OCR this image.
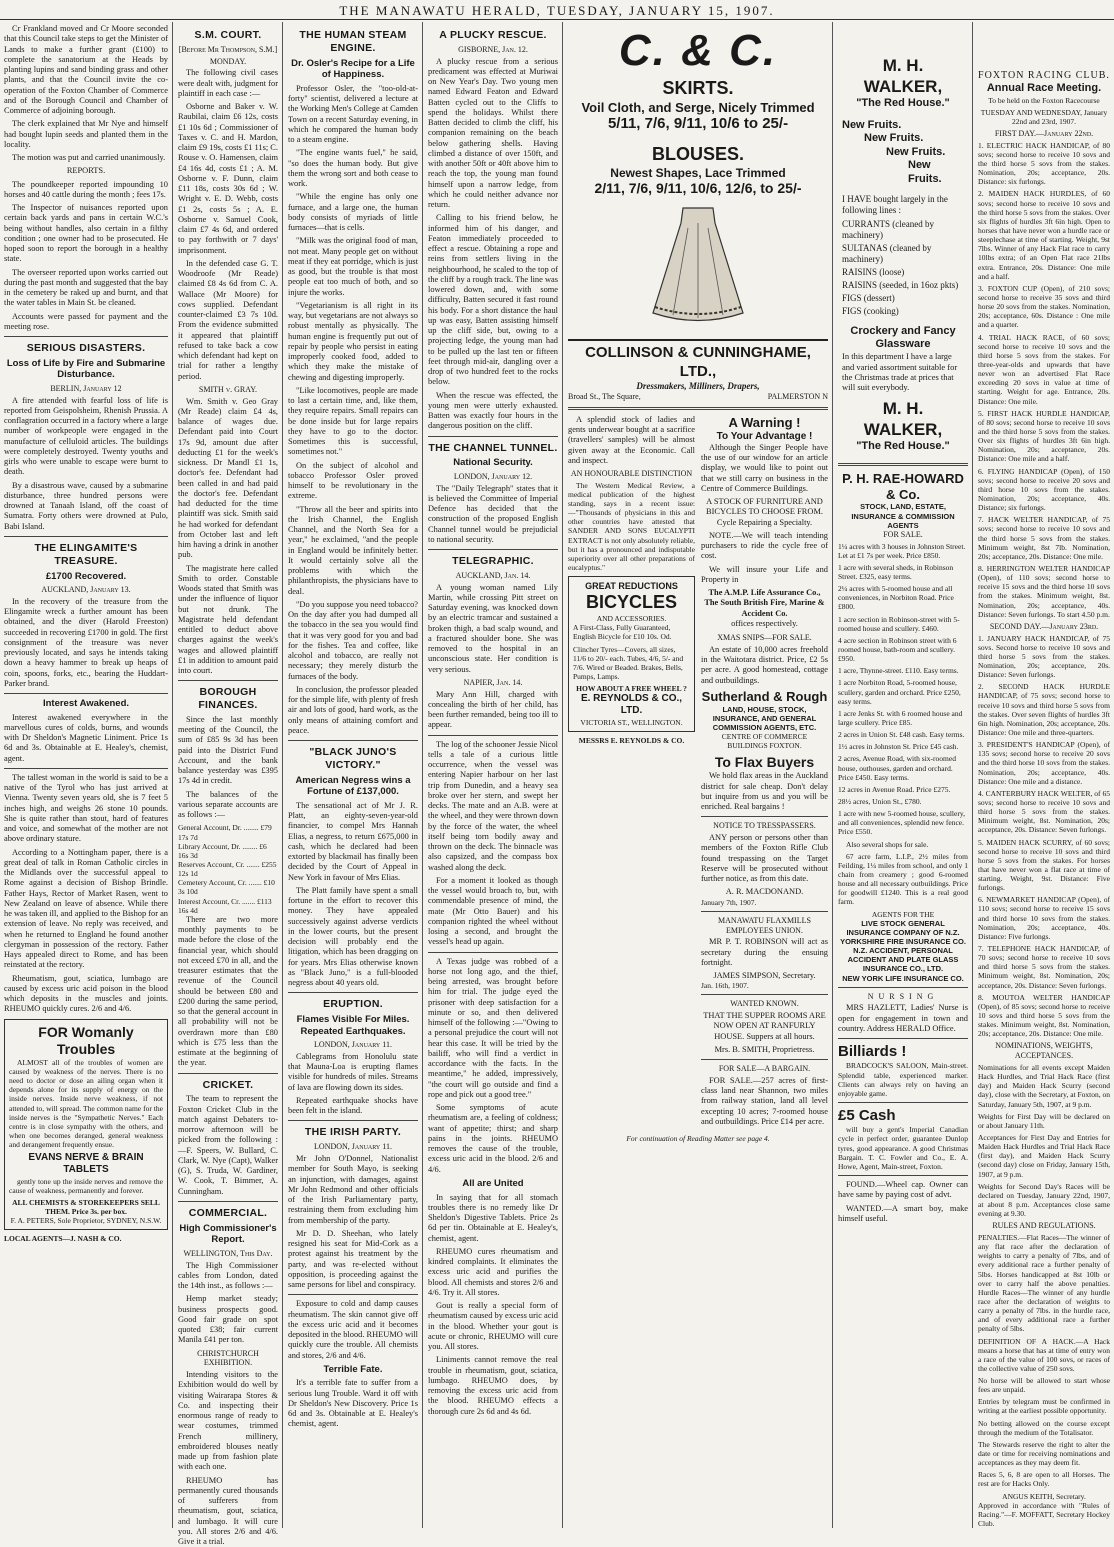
THE MANAWATU HERALD, TUESDAY, JANUARY 15, 1907.

Cr Frankland moved and Cr Moore seconded that this Council take steps to get the Minister of Lands to make a further grant (£100) to complete the sanatorium at the Heads by planting lupins and sand binding grass and other plants, and that the Council invite the co-operation of the Foxton Chamber of Commerce and of the Borough Council and Chamber of Commerce of adjoining borough.

The clerk explained that Mr Nye and himself had bought lupin seeds and planted them in the locality.

The motion was put and carried unanimously.

REPORTS.

The poundkeeper reported impounding 10 horses and 40 cattle during the month ; fees 17s.

The Inspector of nuisances reported upon certain back yards and pans in certain W.C.'s being without handles, also certain in a filthy condition ; one owner had to be prosecuted. He hoped soon to report the borough in a healthy state.

The overseer reported upon works carried out during the past month and suggested that the bay in the cemetery be raked up and burnt, and that the water tables in Main St. be cleaned.

Accounts were passed for payment and the meeting rose.

SERIOUS DISASTERS.
Loss of Life by Fire and Submarine Disturbance.
BERLIN, January 12

A fire attended with fearful loss of life is reported from Geispolsheim, Rhenish Prussia. A conflagration occurred in a factory where a large number of workpeople were engaged in the manufacture of celluloid articles. The buildings were completely destroyed. Twenty youths and girls who were unable to escape were burnt to death.

By a disastrous wave, caused by a submarine disturbance, three hundred persons were drowned at Tanaah Island, off the coast of Sumatra. Forty others were drowned at Pulo, Babi Island.

THE ELINGAMITE'S TREASURE.
£1700 Recovered.
AUCKLAND, January 13.

In the recovery of the treasure from the Elingamite wreck a further amount has been obtained, and the diver (Harold Freeston) succeeded in recovering £1700 in gold. The first consignment of the treasure was never previously located, and says he intends taking down a heavy hammer to break up heaps of coin, spoons, forks, etc., bearing the Huddart-Parker brand.

Interest Awakened.

Interest awakened everywhere in the marvellous cures of colds, burns, and wounds with Dr Sheldon's Magnetic Liniment. Price 1s 6d and 3s. Obtainable at E. Healey's, chemist, agent.

The tallest woman in the world is said to be a native of the Tyrol who has just arrived at Vienna. Twenty seven years old, she is 7 feet 5 inches high, and weighs 26 stone 10 pounds. She is quite rather than stout, hard of features and voice, and somewhat of the mother are not above ordinary stature.

According to a Nottingham paper, there is a great deal of talk in Roman Catholic circles in the Midlands over the successful appeal to Rome against a decision of Bishop Brindle. Father Hays, Rector of Market Rasen, went to New Zealand on leave of absence. While there he was taken ill, and applied to the Bishop for an extension of leave. No reply was received, and when he returned to England he found another clergyman in possession of the rectory. Father Hays appealed direct to Rome, and has been reinstated at the rectory.

Rheumatism, gout, sciatica, lumbago are caused by excess uric acid poison in the blood which deposits in the muscles and joints. RHEUMO quickly cures. 2/6 and 4/6.

FOR Womanly Troubles

ALMOST all of the troubles of women are caused by weakness of the nerves. There is no need to doctor or dose an ailing organ when it depends alone for its supply of energy on the inside nerves. Inside nerve weakness, if not attended to, will spread. The common name for the inside nerves is the "Sympathetic Nerves." Each centre is in close sympathy with the others, and when one becomes deranged, general weakness and derangement frequently ensue.

EVANS NERVE & BRAIN TABLETS

gently tone up the inside nerves and remove the cause of weakness, permanently and forever.

ALL CHEMISTS & STOREKEEPERS SELL THEM. Price 3s. per box.
F. A. PETERS, Sole Proprietor, SYDNEY, N.S.W.
LOCAL AGENTS—J. NASH & CO.
S.M. COURT.
[Before Mr Thompson, S.M.]
MONDAY.

The following civil cases were dealt with, judgment for plaintiff in each case :—

Osborne and Baker v. W. Raubilai, claim £6 12s, costs £1 10s 6d ; Commissioner of Taxes v. C. and H. Mardon, claim £9 19s, costs £1 11s; C. Rouse v. O. Hamensen, claim £4 16s 4d, costs £1 ; A. M. Osborne v. F. Dunn, claim £11 18s, costs 30s 6d ; W. Wright v. E. D. Webb, costs £1 2s, costs 5s ; A. E. Osborne v. Samuel Cook, claim £7 4s 6d, and ordered to pay forthwith or 7 days' imprisonment.

In the defended case G. T. Woodroofe (Mr Reade) claimed £8 4s 6d from C. A. Wallace (Mr Moore) for cows supplied. Defendant counter-claimed £3 7s 10d. From the evidence submitted it appeared that plaintiff refused to take back a cow which defendant had kept on trial for rather a lengthy period.

SMITH v. GRAY.

Wm. Smith v. Geo Gray (Mr Reade) claim £4 4s, balance of wages due. Defendant paid into Court 17s 9d, amount due after deducting £1 for the week's sickness. Dr Mandl £1 1s, doctor's fee. Defendant had been called in and had paid the doctor's fee. Defendant had deducted for the time plaintiff was sick. Smith said he had worked for defendant from October last and left him having a drink in another pub.

The magistrate here called Smith to order. Constable Woods stated that Smith was under the influence of liquor but not drunk. The Magistrate held defendant entitled to deduct above charges against the week's wages and allowed plaintiff £1 in addition to amount paid into court.

BOROUGH FINANCES.

Since the last monthly meeting of the Council, the sum of £85 9s 3d has been paid into the District Fund Account, and the bank balance yesterday was £395 17s 4d in credit.

The balances of the various separate accounts are as follows :—

General Account, Dr. ........ £79 17s 7d
Library Account, Dr. ........ £6 16s 3d
Reserves Account, Cr. ....... £255 12s 1d
Cemetery Account, Cr. ....... £10 3s 10d
Interest Account, Cr. ....... £113 16s 4d

There are two more monthly payments to be made before the close of the financial year, which should not exceed £70 in all, and the treasurer estimates that the revenue of the Council should be between £80 and £200 during the same period, so that the general account in all probability will not be overdrawn more than £80 which is £75 less than the estimate at the beginning of the year.

CRICKET.

The team to represent the Foxton Cricket Club in the match against Debaters to-morrow afternoon will be picked from the following :—F. Speers, W. Bullard, C. Clark, W. Nye (Capt), Walker (G), S. Truda, W. Gardiner, W. Cook, T. Bimmer, A. Cunningham.

COMMERCIAL.
High Commissioner's Report.
WELLINGTON, This Day.

The High Commissioner cables from London, dated the 14th inst., as follows :—

Hemp market steady; business prospects good. Good fair grade on spot quoted £38; fair current Manila £41 per ton.

CHRISTCHURCH EXHIBITION.

Intending visitors to the Exhibition would do well by visiting Wairarapa Stores & Co. and inspecting their enormous range of ready to wear costumes, trimmed French millinery, embroidered blouses neatly made up from fashion plate with each one.

RHEUMO has permanently cured thousands of sufferers from rheumatism, gout, sciatica, and lumbago. It will cure you. All stores 2/6 and 4/6. Give it a trial.

THE HUMAN STEAM ENGINE.
Dr. Osler's Recipe for a Life of Happiness.

Professor Osler, the "too-old-at-forty" scientist, delivered a lecture at the Working Men's College at Camden Town on a recent Saturday evening, in which he compared the human body to a steam engine.

"The engine wants fuel," he said, "so does the human body. But give them the wrong sort and both cease to work.

"While the engine has only one furnace, and a large one, the human body consists of myriads of little furnaces—that is cells.

"Milk was the original food of man, not meat. Many people get on without meat if they eat porridge, which is just as good, but the trouble is that most people eat too much of both, and so injure the works.

"Vegetarianism is all right in its way, but vegetarians are not always so robust mentally as physically. The human engine is frequently put out of repair by people who persist in eating improperly cooked food, added to which they make the mistake of chewing and digesting improperly.

"Like locomotives, people are made to last a certain time, and, like them, they require repairs. Small repairs can be done inside but for large repairs they have to go to the doctor. Sometimes this is successful, sometimes not."

On the subject of alcohol and tobacco Professor Osler proved himself to be revolutionary in the extreme.

"Throw all the beer and spirits into the Irish Channel, the English Channel, and the North Sea for a year," he exclaimed, "and the people in England would be infinitely better. It would certainly solve all the problems with which the philanthropists, the physicians have to deal.

"Do you suppose you need tobacco? On the day after you had dumped all the tobacco in the sea you would find that it was very good for you and bad for the fishes. Tea and coffee, like alcohol and tobacco, are really not necessary; they merely disturb the furnaces of the body.

In conclusion, the professor pleaded for the simple life, with plenty of fresh air and lots of good, hard work, as the only means of attaining comfort and peace.

"BLACK JUNO'S VICTORY."
American Negress wins a Fortune of £137,000.

The sensational act of Mr J. R. Platt, an eighty-seven-year-old financier, to compel Mrs Hannah Elias, a negress, to return £675,000 in cash, which he declared had been extorted by blackmail has finally been decided by the Court of Appeal in New York in favour of Mrs Elias.

The Platt family have spent a small fortune in the effort to recover this money. They have appealed successively against adverse verdicts in the lower courts, but the present decision will probably end the litigation, which has been dragging on for years. Mrs Elias otherwise known as "Black Juno," is a full-blooded negress about 40 years old.

ERUPTION.
Flames Visible For Miles. Repeated Earthquakes.
LONDON, January 11.

Cablegrams from Honolulu state that Mauna-Loa is erupting flames visible for hundreds of miles. Streams of lava are flowing down its sides.

Repeated earthquake shocks have been felt in the island.

THE IRISH PARTY.
LONDON, January 11.

Mr John O'Donnel, Nationalist member for South Mayo, is seeking an injunction, with damages, against Mr John Redmond and other officials of the Irish Parliamentary party, restraining them from excluding him from membership of the party.

Mr D. D. Sheehan, who lately resigned his seat for Mid-Cork as a protest against his treatment by the party, and was re-elected without opposition, is proceeding against the same persons for libel and conspiracy.

Exposure to cold and damp causes rheumatism. The skin cannot give off the excess uric acid and it becomes deposited in the blood. RHEUMO will quickly cure the trouble. All chemists and stores, 2/6 and 4/6.

Terrible Fate.

It's a terrible fate to suffer from a serious lung Trouble. Ward it off with Dr Sheldon's New Discovery. Price 1s 6d and 3s. Obtainable at E. Healey's chemist, agent.

A PLUCKY RESCUE.
GISBORNE, Jan. 12.

A plucky rescue from a serious predicament was effected at Muriwai on New Year's Day. Two young men named Edward Featon and Edward Batten cycled out to the Cliffs to spend the holidays. Whilst there Batten decided to climb the cliff, his companion remaining on the beach below gathering shells. Having climbed a distance of over 150ft, and with another 50ft or 40ft above him to reach the top, the young man found himself upon a narrow ledge, from which he could neither advance nor return.

Calling to his friend below, he informed him of his danger, and Featon immediately proceeded to effect a rescue. Obtaining a rope and reins from settlers living in the neighbourhood, he scaled to the top of the cliff by a rough track. The line was lowered down, and, with some difficulty, Batten secured it fast round his body. For a short distance the haul up was easy, Batten assisting himself up the cliff side, but, owing to a projecting ledge, the young man had to be pulled up the last ten or fifteen feet through mid-air, dangling over a drop of two hundred feet to the rocks below.

When the rescue was effected, the young men were utterly exhausted. Batten was exactly four hours in the dangerous position on the cliff.

THE CHANNEL TUNNEL.
National Security.
LONDON, January 12.

The "Daily Telegraph" states that it is believed the Committee of Imperial Defence has decided that the construction of the proposed English Channel tunnel would be prejudicial to national security.

TELEGRAPHIC.
AUCKLAND, Jan. 14.

A young woman named Lily Martin, while crossing Pitt street on Saturday evening, was knocked down by an electric tramcar and sustained a broken thigh, a bad scalp wound, and a fractured shoulder bone. She was removed to the hospital in an unconscious state. Her condition is very serious.

NAPIER, Jan. 14.

Mary Ann Hill, charged with concealing the birth of her child, has been further remanded, being too ill to appear.

The log of the schooner Jessie Nicol tells a tale of a curious little occurrence, when the vessel was entering Napier harbour on her last trip from Dunedin, and a heavy sea broke over her stern, and swept her decks. The mate and an A.B. were at the wheel, and they were thrown down by the force of the water, the wheel itself being torn bodily away and thrown on the deck. The binnacle was also capsized, and the compass box washed along the deck.

For a moment it looked as though the vessel would broach to, but, with commendable presence of mind, the mate (Mr Otto Bauer) and his companion righted the wheel without losing a second, and brought the vessel's head up again.

A Texas judge was robbed of a horse not long ago, and the thief, being arrested, was brought before him for trial. The judge eyed the prisoner with deep satisfaction for a minute or so, and then delivered himself of the following :—"Owing to a personal prejudice the court will not hear this case. It will be tried by the bailiff, who will find a verdict in accordance with the facts. In the meantime," he added, impressively, "the court will go outside and find a rope and pick out a good tree."

Some symptoms of acute rheumatism are, a feeling of coldness; want of appetite; thirst; and sharp pains in the joints. RHEUMO removes the cause of the trouble, excess uric acid in the blood. 2/6 and 4/6.

All are United

In saying that for all stomach troubles there is no remedy like Dr Sheldon's Digestive Tablets. Price 2s 6d per tin. Obtainable at E. Healey's, chemist, agent.

RHEUMO cures rheumatism and kindred complaints. It eliminates the excess uric acid and purifies the blood. All chemists and stores 2/6 and 4/6. Try it. All stores.

Gout is really a special form of rheumatism caused by excess uric acid in the blood. Whether your gout is acute or chronic, RHEUMO will cure you. All stores.

Liniments cannot remove the real trouble in rheumatism, gout, sciatica, lumbago. RHEUMO does, by removing the excess uric acid from the blood. RHEUMO effects a thorough cure 2s 6d and 4s 6d.

C. & C.
SKIRTS.
Voil Cloth, and Serge, Nicely Trimmed
5/11, 7/6, 9/11, 10/6 to 25/-
BLOUSES.
Newest Shapes, Lace Trimmed
2/11, 7/6, 9/11, 10/6, 12/6, to 25/-
COLLINSON & CUNNINGHAME, LTD.,
Dressmakers, Milliners, Drapers,
Broad St., The Square,	PALMERSTON N

A splendid stock of ladies and gents underwear bought at a sacrifice (travellers' samples) will be almost given away at the Economic. Call and inspect.

AN HONOURABLE DISTINCTION

The Western Medical Review, a medical publication of the highest standing, says in a recent issue:—"Thousands of physicians in this and other countries have attested that SANDER AND SONS EUCALYPTI EXTRACT is not only absolutely reliable, but it has a pronounced and indisputable superiority over all other preparations of eucalyptus."

GREAT REDUCTIONS
BICYCLES
AND ACCESSORIES.

A First-Class, Fully Guaranteed, English Bicycle for £10 10s. Od.

Clincher Tyres—Covers, all sizes, 11/6 to 20/- each. Tubes, 4/6, 5/- and 7/6. Wired or Beaded. Brakes, Bells, Pumps, Lamps.

HOW ABOUT A FREE WHEEL ?
E. REYNOLDS & CO., LTD.
VICTORIA ST., WELLINGTON.
MESSRS E. REYNOLDS & CO.
A Warning !
To Your Advantage !

Although the Singer People have the use of our window for an article display, we would like to point out that we still carry on business in the Centre of Commerce Buildings.

A STOCK OF FURNITURE AND BICYCLES TO CHOOSE FROM. Cycle Repairing a Specialty.

NOTE.—We will teach intending purchasers to ride the cycle free of cost.

We will insure your Life and Property in

The A.M.P. Life Assurance Co.,
The South British Fire, Marine & Accident Co.
offices respectively.
XMAS SNIPS—FOR SALE.

An estate of 10,000 acres freehold in the Waitotara district. Price, £2 5s per acre. A good homestead, cottage and outbuildings.

Sutherland & Rough
LAND, HOUSE, STOCK, INSURANCE, AND GENERAL COMMISSION AGENTS, ETC.
CENTRE OF COMMERCE BUILDINGS FOXTON.
To Flax Buyers

We hold flax areas in the Auckland district for sale cheap. Don't delay but inquire from us and you will be enriched. Real bargains !

NOTICE TO TRESSPASSERS.

ANY person or persons other than members of the Foxton Rifle Club found trespassing on the Target Reserve will be prosecuted without further notice, as from this date.

A. R. MACDONAND.
January 7th, 1907.
MANAWATU FLAXMILLS EMPLOYEES UNION.

MR P. T. ROBINSON will act as secretary during the ensuing fortnight.

JAMES SIMPSON, Secretary.
Jan. 16th, 1907.
WANTED KNOWN.

THAT THE SUPPER ROOMS ARE NOW OPEN AT RANFURLY HOUSE. Suppers at all hours.

Mrs. B. SMITH, Proprietress.
FOR SALE—A BARGAIN.

FOR SALE.—257 acres of first-class land near Shannon, two miles from railway station, land all level excepting 10 acres; 7-roomed house and outbuildings. Price £14 per acre.

For continuation of Reading Matter see page 4.
M. H. WALKER,
"The Red House."
New Fruits.
New Fruits.
New Fruits.
New Fruits.

I HAVE bought largely in the following lines :

CURRANTS (cleaned by machinery)
SULTANAS (cleaned by machinery)
RAISINS (loose)
RAISINS (seeded, in 16oz pkts)
FIGS (dessert)
FIGS (cooking)
Crockery and Fancy Glassware

In this department I have a large and varied assortment suitable for the Christmas trade at prices that will suit everybody.

M. H. WALKER,
"The Red House."
P. H. RAE-HOWARD & Co.
STOCK, LAND, ESTATE, INSURANCE & COMMISSION AGENTS
FOR SALE.

1¼ acres with 3 houses in Johnston Street. Let at £1 7s per week. Price £850.

1 acre with several sheds, in Robinson Street. £325, easy terms.

2¼ acres with 5-roomed house and all conveniences, in Norbiton Road. Price £800.

1 acre section in Robinson-street with 5-roomed house and scullery. £460.

4 acre section in Robinson street with 6 roomed house, bath-room and scullery. £950.

1 acre, Thynne-street. £110. Easy terms.

1 acre Norbiton Road, 5-roomed house, scullery, garden and orchard. Price £250, easy terms.

1 acre Jenks St. with 6 roomed house and large scullery. Price £85.

2 acres in Union St. £48 cash. Easy terms.

1½ acres in Johnston St. Price £45 cash.

2 acres, Avenue Road, with six-roomed house, outhouses, garden and orchard. Price £450. Easy terms.

12 acres in Avenue Road. Price £275.

28½ acres, Union St., £780.

1 acre with new 5-roomed house, scullery, and all conveniences, splendid new fence. Price £550.

Also several shops for sale.

67 acre farm, L.I.P., 2½ miles from Feilding, 1¼ miles from school, and only 1 chain from creamery ; good 6-roomed house and all necessary outbuildings. Price for goodwill £1240. This is a real good farm.

AGENTS FOR THE
LIVE STOCK GENERAL INSURANCE COMPANY OF N.Z.
YORKSHIRE FIRE INSURANCE CO.
N.Z. ACCIDENT, PERSONAL ACCIDENT AND PLATE GLASS INSURANCE CO., LTD.
NEW YORK LIFE INSURANCE CO.
NURSING

MRS HAZLETT, Ladies' Nurse is open for engagement in town and country. Address HERALD Office.

Billiards !

BRADCOCK'S SALOON, Main-street. Splendid table, experienced marker. Clients can always rely on having an enjoyable game.

£5 Cash

will buy a gent's Imperial Canadian cycle in perfect order, guarantee Dunlop tyres, good appearance. A good Christmas Bargain. T. C. Fowler and Co., E. A. Howe, Agent, Main-street, Foxton.

FOUND.—Wheel cap. Owner can have same by paying cost of advt.

WANTED.—A smart boy, make himself useful.

FOXTON RACING CLUB.
Annual Race Meeting.

To be held on the Foxton Racecourse

TUESDAY AND WEDNESDAY, January 22nd and 23rd, 1907.

FIRST DAY.—January 22nd.

1. ELECTRIC HACK HANDICAP, of 80 sovs; second horse to receive 10 sovs and the third horse 5 sovs from the stakes. Nomination, 20s; acceptance, 20s. Distance: six furlongs.

2. MAIDEN HACK HURDLES, of 60 sovs; second horse to receive 10 sovs and the third horse 5 sovs from the stakes. Over six flights of hurdles 3ft 6in high. Open to horses that have never won a hurdle race or steeplechase at time of starting. Weight, 9st 7lbs. Winner of any Hack Flat race to carry 10lbs extra; of an Open Flat race 21lbs extra. Entrance, 20s. Distance: One mile and a half.

3. FOXTON CUP (Open), of 210 sovs; second horse to receive 35 sovs and third horse 20 sovs from the stakes. Nomination, 20s; acceptance, 60s. Distance : One mile and a quarter.

4. TRIAL HACK RACE, of 60 sovs; second horse to receive 10 sovs and the third horse 5 sovs from the stakes. For three-year-olds and upwards that have never won an advertised Flat Race exceeding 20 sovs in value at time of starting. Weight for age. Entrance, 20s. Distance: One mile.

5. FIRST HACK HURDLE HANDICAP, of 80 sovs; second horse to receive 10 sovs and the third horse 5 sovs from the stakes. Over six flights of hurdles 3ft 6in high. Nomination, 20s; acceptance, 20s. Distance: One mile and a half.

6. FLYING HANDICAP (Open), of 150 sovs; second horse to receive 20 sovs and third horse 10 sovs from the stakes. Nomination, 20s; acceptance, 40s. Distance; six furlongs.

7. HACK WELTER HANDICAP, of 75 sovs; second horse to receive 10 sovs and the third horse 5 sovs from the stakes. Minimum weight, 8st 7lb. Nomination, 20s; acceptance, 20s. Distance: One mile.

8. HERRINGTON WELTER HANDICAP (Open), of 110 sovs; second horse to receive 15 sovs and the third horse 10 sovs from the stakes. Minimum weight, 8st. Nomination, 20s; acceptance, 40s. Distance: Seven furlongs. To start 4.50 p.m.

SECOND DAY.—January 23rd.

1. JANUARY HACK HANDICAP, of 75 sovs. Second horse to receive 10 sovs and third horse 5 sovs from the stakes. Nomination, 20s; acceptance, 20s. Distance: Seven furlongs.

2. SECOND HACK HURDLE HANDICAP, of 75 sovs; second horse to receive 10 sovs and third horse 5 sovs from the stakes. Over seven flights of hurdles 3ft 6in high. Nomination, 20s; acceptance, 20s. Distance: One mile and three-quarters.

3. PRESIDENT'S HANDICAP (Open), of 135 sovs; second horse to receive 20 sovs and the third horse 10 sovs from the stakes. Nomination, 20s; acceptance, 40s. Distance: One mile and a distance.

4. CANTERBURY HACK WELTER, of 65 sovs; second horse to receive 10 sovs and third horse 5 sovs from the stakes. Minimum weight, 8st. Nomination, 20s; acceptance, 20s. Distance: Seven furlongs.

5. MAIDEN HACK SCURRY, of 60 sovs; second horse to receive 10 sovs and third horse 5 sovs from the stakes. For horses that have never won a flat race at time of starting. Weight, 9st. Distance: Five furlongs.

6. NEWMARKET HANDICAP (Open), of 110 sovs; second horse to receive 15 sovs and third horse 10 sovs from the stakes. Nomination, 20s; acceptance, 40s. Distance: Five furlongs.

7. TELEPHONE HACK HANDICAP, of 70 sovs; second horse to receive 10 sovs and third horse 5 sovs from the stakes. Minimum weight, 8st. Nomination, 20s; acceptance, 20s. Distance: Seven furlongs.

8. MOUTOA WELTER HANDICAP (Open), of 85 sovs; second horse to receive 10 sovs and third horse 5 sovs from the stakes. Minimum weight, 8st. Nomination, 20s; acceptance, 20s. Distance: One mile.

NOMINATIONS, WEIGHTS, ACCEPTANCES.

Nominations for all events except Maiden Hack Hurdles, and Trial Hack Race (first day) and Maiden Hack Scurry (second day), close with the Secretary, at Foxton, on Saturday, January 5th, 1907, at 9 p.m.

Weights for First Day will be declared on or about January 11th.

Acceptances for First Day and Entries for Maiden Hack Hurdles and Trial Hack Race (first day), and Maiden Hack Scurry (second day) close on Friday, January 15th, 1907, at 9 p.m.

Weights for Second Day's Races will be declared on Tuesday, January 22nd, 1907, at about 8 p.m. Acceptances close same evening at 9.30.

RULES AND REGULATIONS.

PENALTIES.—Flat Races—The winner of any flat race after the declaration of weights to carry a penalty of 7lbs, and of every additional race a further penalty of 5lbs. Horses handicapped at 8st 10lb or over to carry half the above penalties. Hurdle Races—The winner of any hurdle race after the declaration of weights to carry a penalty of 7lbs. in the hurdle race, and of every additional race a further penalty of 5lbs.

DEFINITION OF A HACK.—A Hack means a horse that has at time of entry won a race of the value of 100 sovs, or races of the collective value of 250 sovs.

No horse will be allowed to start whose fees are unpaid.

Entries by telegram must be confirmed in writing at the earliest possible opportunity.

No betting allowed on the course except through the medium of the Totalisator.

The Stewards reserve the right to alter the date or time for receiving nominations and acceptances as they may deem fit.

Races 5, 6, 8 are open to all Horses. The rest are for Hacks Only.

ANGUS KEITH, Secretary.

Approved in accordance with "Rules of Racing."—F. MOFFATT, Secretary Hockey Club.
